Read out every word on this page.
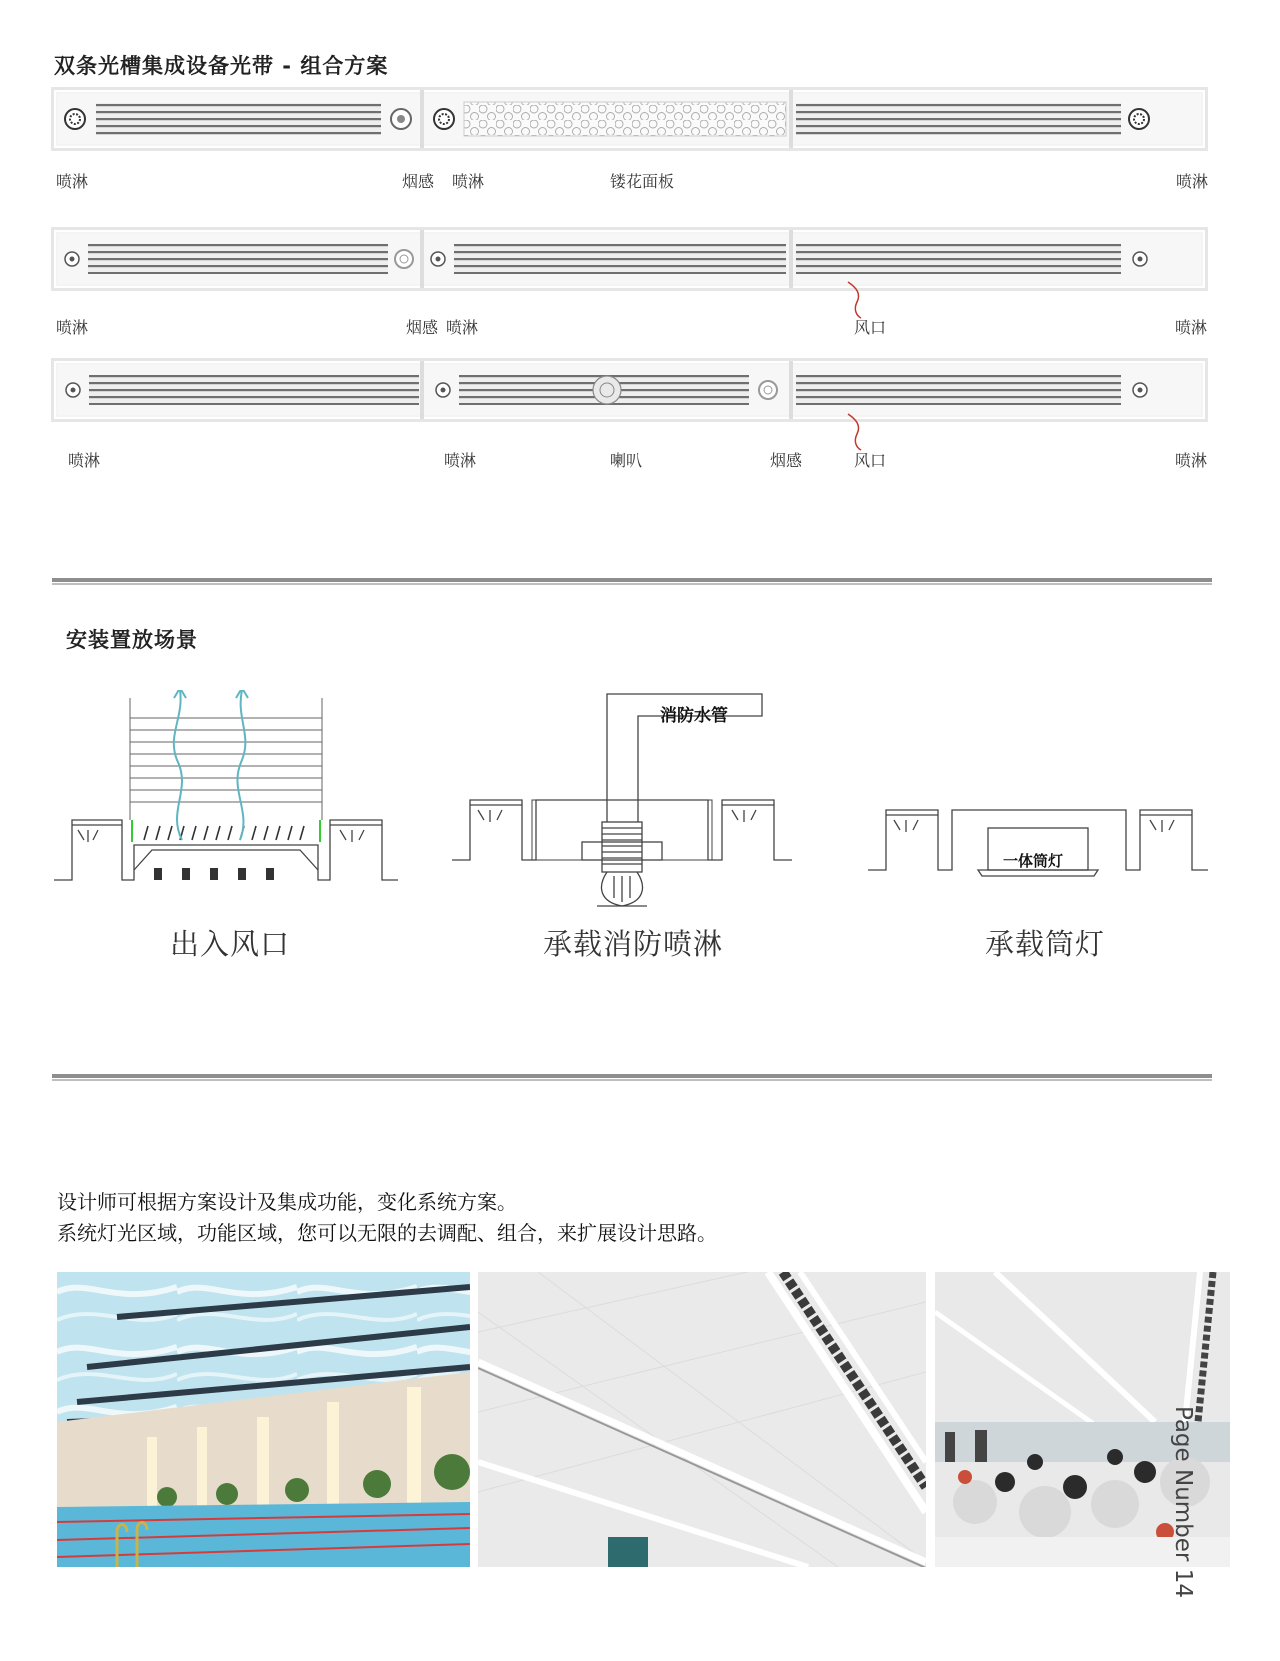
双条光槽集成设备光带 - 组合方案
喷淋	烟感 喷淋	镂花面板	喷淋
喷淋	烟感 喷淋	风口	喷淋
喷淋	喷淋	喇叭	烟感	风口	喷淋
安装置放场景
出入风口
消防水管
承载消防喷淋
一体筒灯
承载筒灯
设计师可根据方案设计及集成功能，变化系统方案。
系统灯光区域，功能区域，您可以无限的去调配、组合，来扩展设计思路。
Page Number 14
